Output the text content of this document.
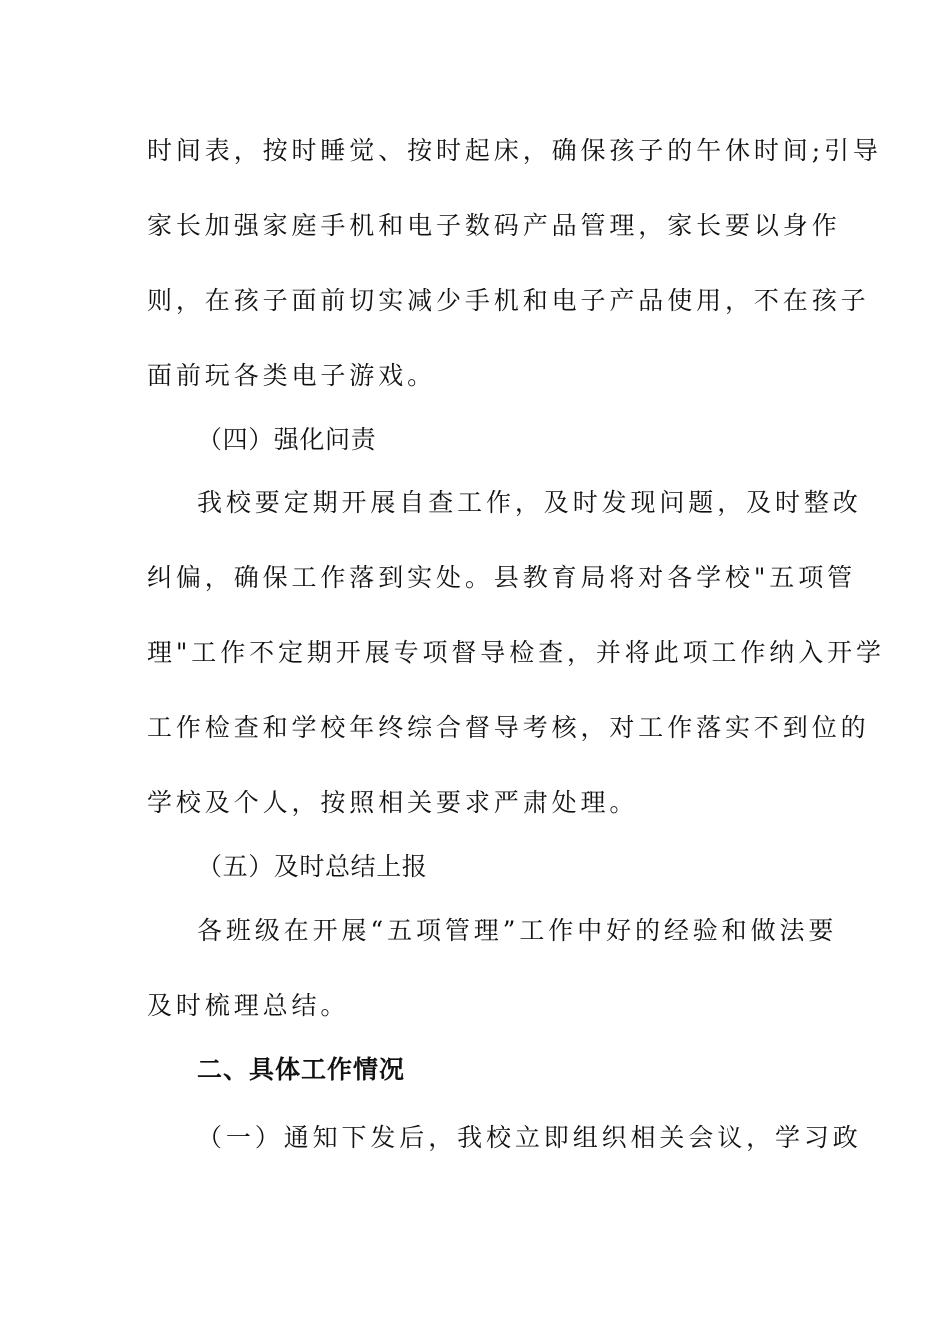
时间表，按时睡觉、按时起床，确保孩子的午休时间;引导
家长加强家庭手机和电子数码产品管理，家长要以身作
则，在孩子面前切实减少手机和电子产品使用，不在孩子
面前玩各类电子游戏。
（四）强化问责
我校要定期开展自查工作，及时发现问题，及时整改
纠偏，确保工作落到实处。县教育局将对各学校"五项管
理"工作不定期开展专项督导检查，并将此项工作纳入开学
工作检查和学校年终综合督导考核，对工作落实不到位的
学校及个人，按照相关要求严肃处理。
（五）及时总结上报
各班级在开展“五项管理”工作中好的经验和做法要
及时梳理总结。
二、具体工作情况
（一）通知下发后，我校立即组织相关会议，学习政
